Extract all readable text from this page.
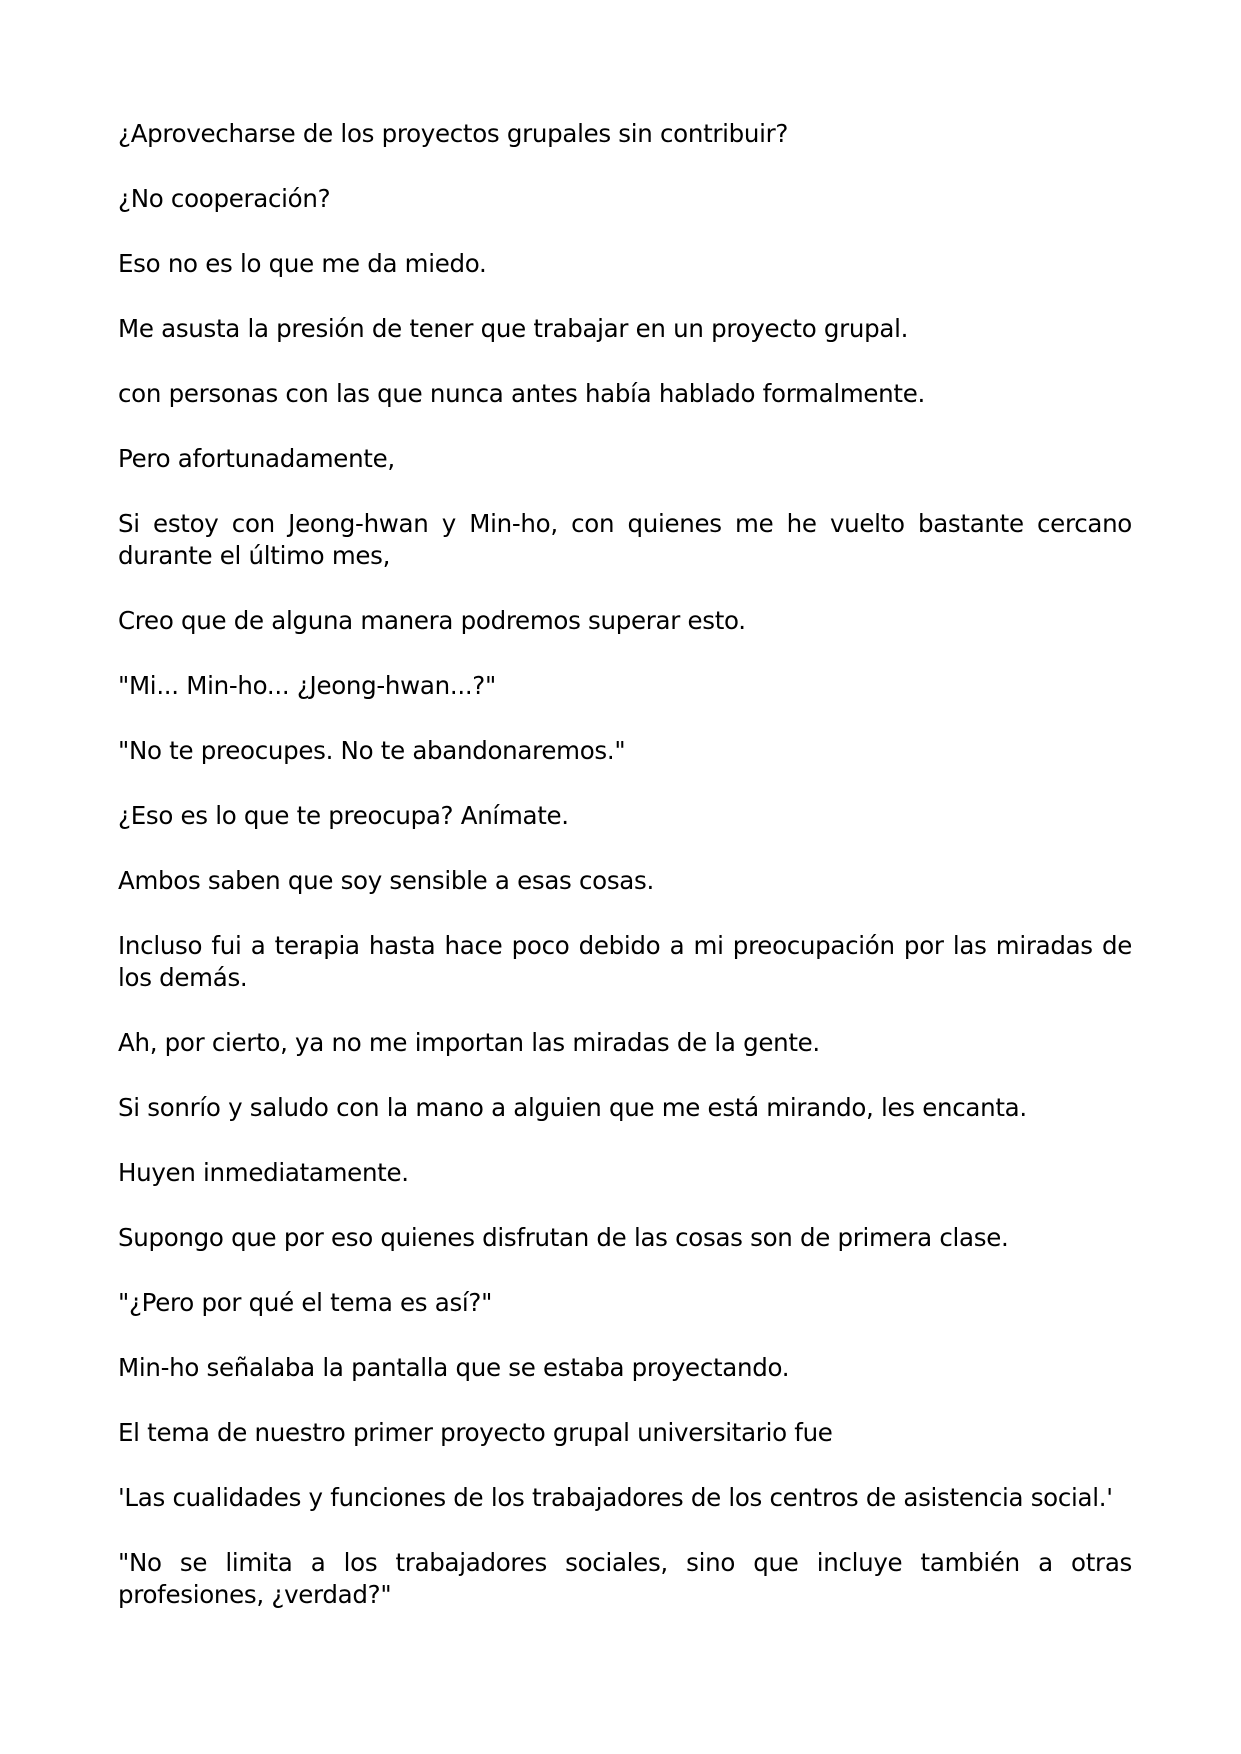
¿Aprovecharse de los proyectos grupales sin contribuir?

¿No cooperación?

Eso no es lo que me da miedo.

Me asusta la presión de tener que trabajar en un proyecto grupal.

con personas con las que nunca antes había hablado formalmente.

Pero afortunadamente,

Si estoy con Jeong-hwan y Min-ho, con quienes me he vuelto bastante cercano durante el último mes,

Creo que de alguna manera podremos superar esto.

"Mi... Min-ho... ¿Jeong-hwan...?"

"No te preocupes. No te abandonaremos."

¿Eso es lo que te preocupa? Anímate.

Ambos saben que soy sensible a esas cosas.

Incluso fui a terapia hasta hace poco debido a mi preocupación por las miradas de los demás.

Ah, por cierto, ya no me importan las miradas de la gente.

Si sonrío y saludo con la mano a alguien que me está mirando, les encanta.

Huyen inmediatamente.

Supongo que por eso quienes disfrutan de las cosas son de primera clase.

"¿Pero por qué el tema es así?"

Min-ho señalaba la pantalla que se estaba proyectando.

El tema de nuestro primer proyecto grupal universitario fue

'Las cualidades y funciones de los trabajadores de los centros de asistencia social.'

"No se limita a los trabajadores sociales, sino que incluye también a otras profesiones, ¿verdad?"
